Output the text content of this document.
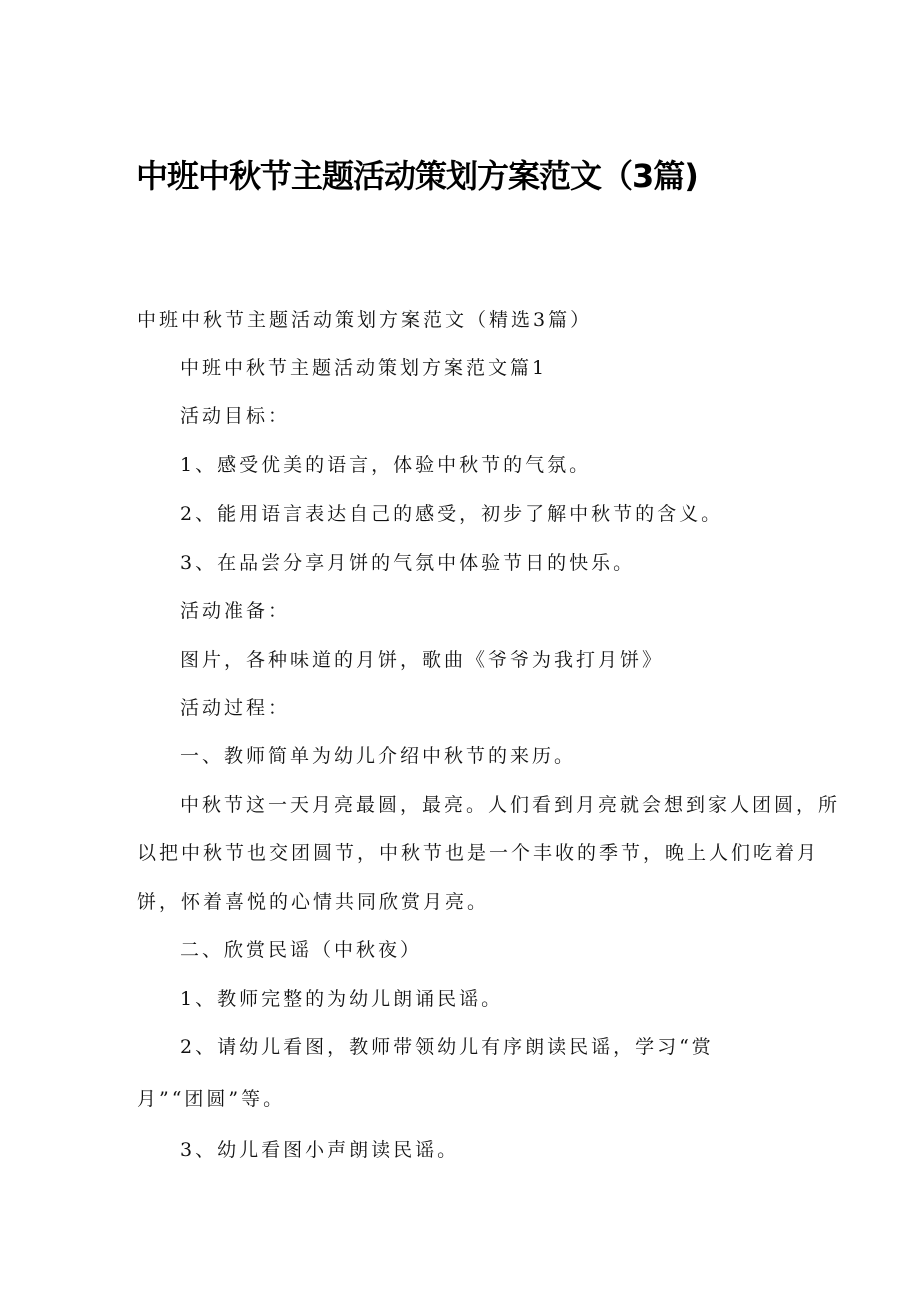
中班中秋节主题活动策划方案范文（3篇)

中班中秋节主题活动策划方案范文（精选3篇）

中班中秋节主题活动策划方案范文篇1

活动目标：

1、感受优美的语言，体验中秋节的气氛。

2、能用语言表达自己的感受，初步了解中秋节的含义。

3、在品尝分享月饼的气氛中体验节日的快乐。

活动准备：

图片，各种味道的月饼，歌曲《爷爷为我打月饼》

活动过程：

一、教师简单为幼儿介绍中秋节的来历。

中秋节这一天月亮最圆，最亮。人们看到月亮就会想到家人团圆，所

以把中秋节也交团圆节，中秋节也是一个丰收的季节，晚上人们吃着月

饼，怀着喜悦的心情共同欣赏月亮。

二、欣赏民谣（中秋夜）

1、教师完整的为幼儿朗诵民谣。

2、请幼儿看图，教师带领幼儿有序朗读民谣，学习“赏

月”“团圆”等。

3、幼儿看图小声朗读民谣。
